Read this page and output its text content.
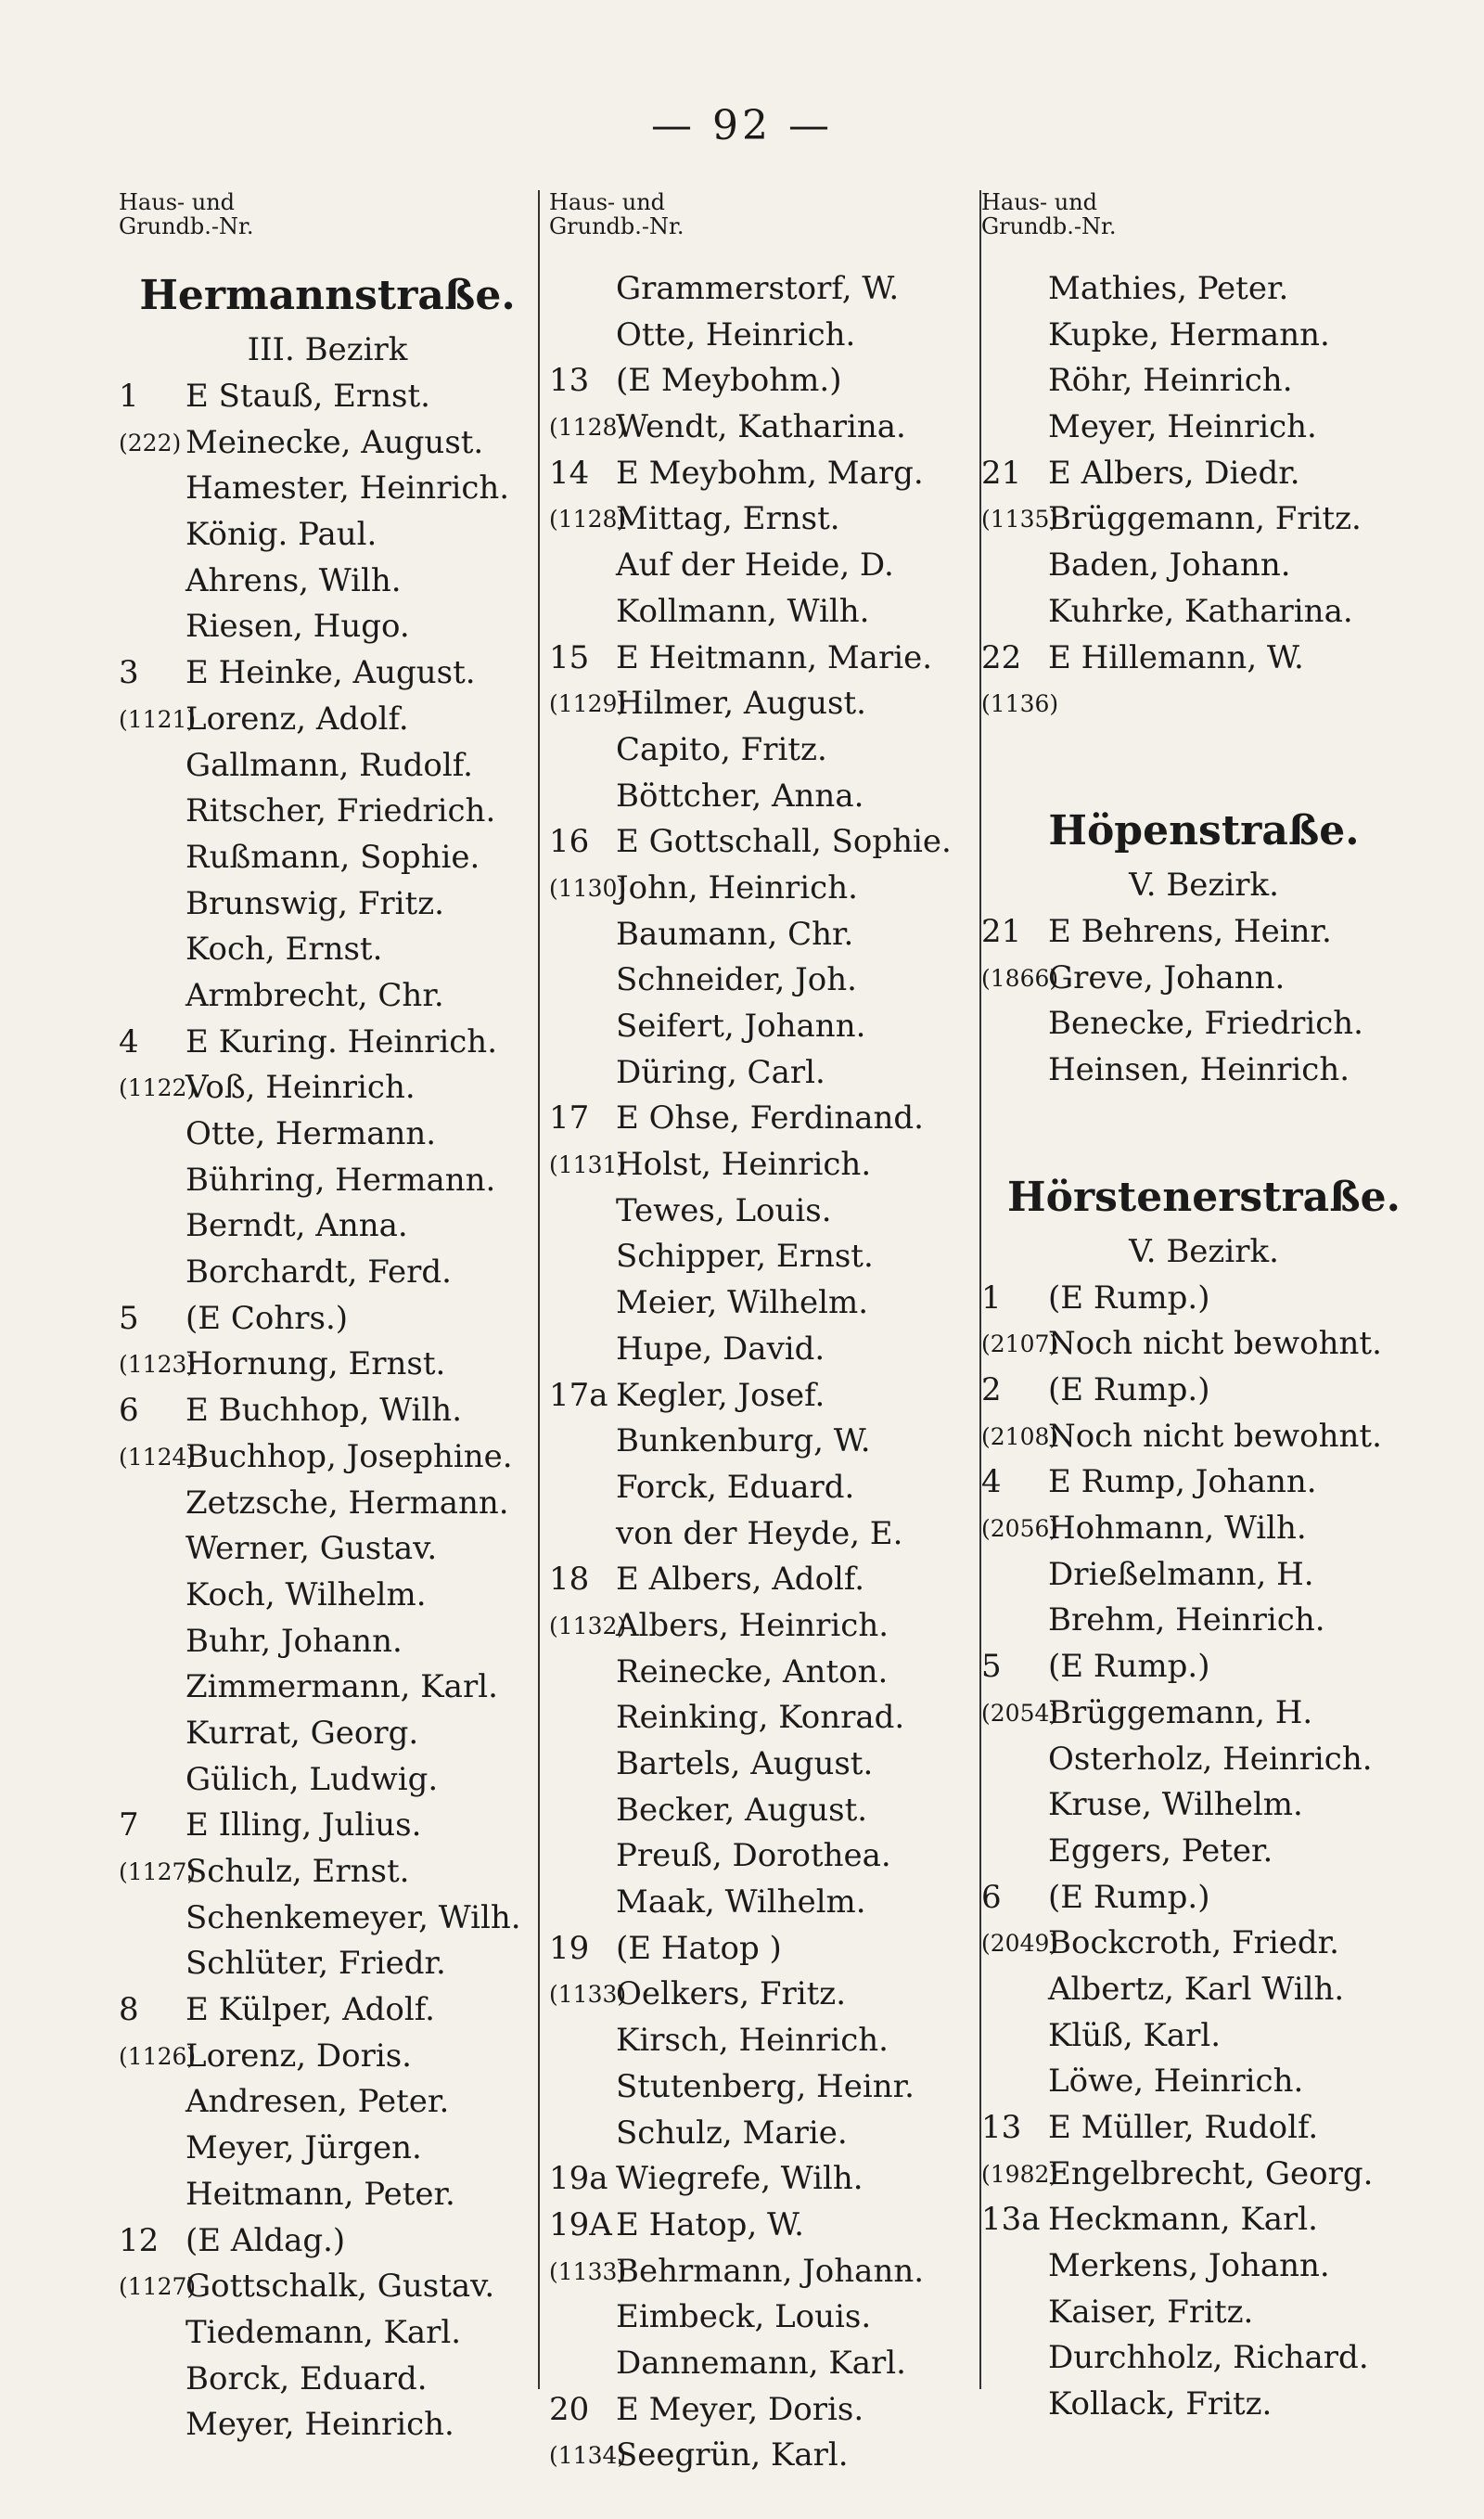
— 92 —
Haus- und
Grundb.-Nr.
Hermannstraße.
III. Bezirk
1 E Stauß, Ernst.
(222) Meinecke, August.
Hamester, Heinrich.
König. Paul.
Ahrens, Wilh.
Riesen, Hugo.
3 E Heinke, August.
(1121)
Lorenz, Adolf.
Gallmann, Rudolf.
Ritscher, Friedrich.
Rußmann, Sophie.
Brunswig, Fritz.
Koch, Ernst.
Armbrecht, Chr.
4 E Kuring. Heinrich.
(1122)
Voß, Heinrich.
Otte, Hermann.
Bühring, Hermann.
Berndt, Anna.
Borchardt, Ferd.
5 (E Cohrs.)
(1123)
Hornung, Ernst.
6 E Buchhop, Wilh.
(1124)
Buchhop, Josephine.
Zetzsche, Hermann.
Werner, Gustav.
Koch, Wilhelm.
Buhr, Johann.
Zimmermann, Karl.
Kurrat, Georg.
Gülich, Ludwig.
7 E Illing, Julius.
(1127)
Schulz, Ernst.
Schenkemeyer, Wilh.
Schlüter, Friedr.
8 E Külper, Adolf.
(1126)
Lorenz, Doris.
Andresen, Peter.
Meyer, Jürgen.
Heitmann, Peter.
12 (E Aldag.)
(1127)
Gottschalk, Gustav.
Tiedemann, Karl.
Borck, Eduard.
Meyer, Heinrich.
Haus- und
Grundb.-Nr.
Grammerstorf, W.
Otte, Heinrich.
13 (E Meybohm.)
(1128)
Wendt, Katharina.
14 E Meybohm, Marg.
(1128)
Mittag, Ernst.
Auf der Heide, D.
Kollmann, Wilh.
15 E Heitmann, Marie.
(1129)
Hilmer, August.
Capito, Fritz.
Böttcher, Anna.
16 E Gottschall, Sophie.
(1130)
John, Heinrich.
Baumann, Chr.
Schneider, Joh.
Seifert, Johann.
Düring, Carl.
17 E Ohse, Ferdinand.
(1131)
Holst, Heinrich.
Tewes, Louis.
Schipper, Ernst.
Meier, Wilhelm.
Hupe, David.
17a Kegler, Josef.
Bunkenburg, W.
Forck, Eduard.
von der Heyde, E.
18 E Albers, Adolf.
(1132)
Albers, Heinrich.
Reinecke, Anton.
Reinking, Konrad.
Bartels, August.
Becker, August.
Preuß, Dorothea.
Maak, Wilhelm.
19 (E Hatop )
(1133)
Oelkers, Fritz.
Kirsch, Heinrich.
Stutenberg, Heinr.
Schulz, Marie.
19a Wiegrefe, Wilh.
19A E Hatop, W.
(1133)
Behrmann, Johann.
Eimbeck, Louis.
Dannemann, Karl.
20 E Meyer, Doris.
(1134)
Seegrün, Karl.
Haus- und
Grundb.-Nr.
Mathies, Peter.
Kupke, Hermann.
Röhr, Heinrich.
Meyer, Heinrich.
21 E Albers, Diedr.
(1135)
Brüggemann, Fritz.
Baden, Johann.
Kuhrke, Katharina.
22 E Hillemann, W.
(1136)
Höpenstraße.
V. Bezirk.
21 E Behrens, Heinr.
(1866)
Greve, Johann.
Benecke, Friedrich.
Heinsen, Heinrich.
Hörstenerstraße.
V. Bezirk.
1 (E Rump.)
(2107)
Noch nicht bewohnt.
2 (E Rump.)
(2108)
Noch nicht bewohnt.
4 E Rump, Johann.
(2056)
Hohmann, Wilh.
Drießelmann, H.
Brehm, Heinrich.
5 (E Rump.)
(2054)
Brüggemann, H.
Osterholz, Heinrich.
Kruse, Wilhelm.
Eggers, Peter.
6 (E Rump.)
(2049)
Bockcroth, Friedr.
Albertz, Karl Wilh.
Klüß, Karl.
Löwe, Heinrich.
13 E Müller, Rudolf.
(1982)
Engelbrecht, Georg.
13a Heckmann, Karl.
Merkens, Johann.
Kaiser, Fritz.
Durchholz, Richard.
Kollack, Fritz.
